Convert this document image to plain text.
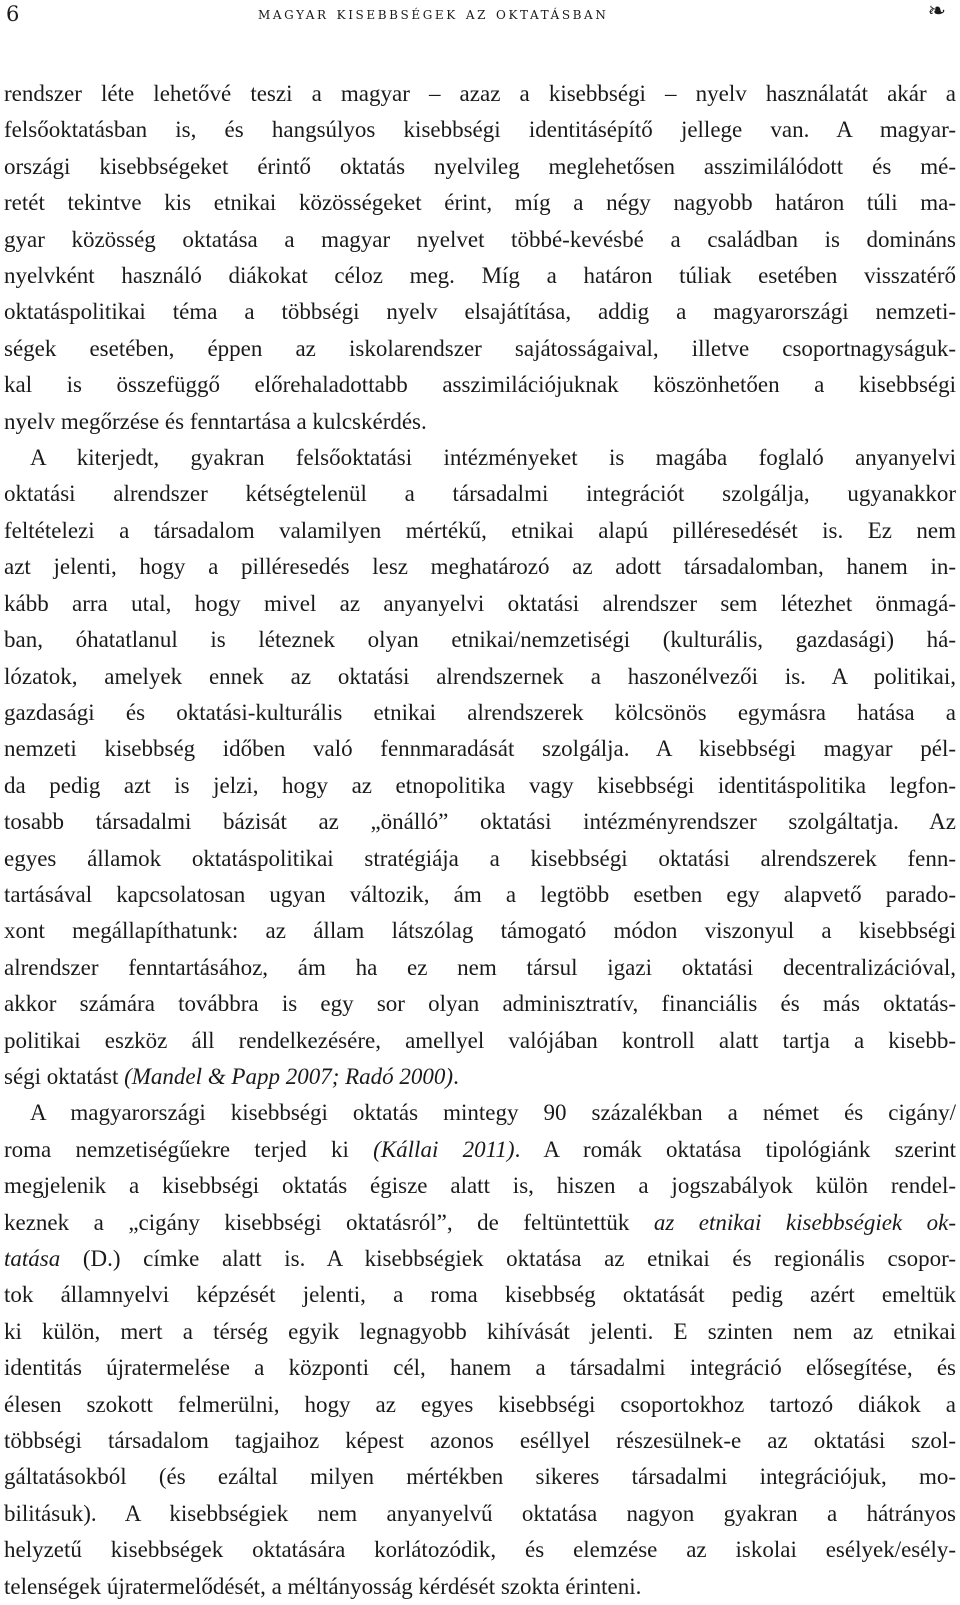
6	magyar kisebbségek az oktatásban	❧
rendszer léte lehetővé teszi a magyar – azaz a kisebbségi – nyelv használatát akár a
felsőoktatásban is, és hangsúlyos kisebbségi identitásépítő jellege van. A magyar-
országi kisebbségeket érintő oktatás nyelvileg meglehetősen asszimilálódott és mé-
retét tekintve kis etnikai közösségeket érint, míg a négy nagyobb határon túli ma-
gyar közösség oktatása a magyar nyelvet többé-kevésbé a családban is domináns
nyelvként használó diákokat céloz meg. Míg a határon túliak esetében visszatérő
oktatáspolitikai téma a többségi nyelv elsajátítása, addig a magyarországi nemzeti-
ségek esetében, éppen az iskolarendszer sajátosságaival, illetve csoportnagyságuk-
kal is összefüggő előrehaladottabb asszimilációjuknak köszönhetően a kisebbségi
nyelv megőrzése és fenntartása a kulcskérdés.
A kiterjedt, gyakran felsőoktatási intézményeket is magába foglaló anyanyelvi
oktatási alrendszer kétségtelenül a társadalmi integrációt szolgálja, ugyanakkor
feltételezi a társadalom valamilyen mértékű, etnikai alapú pilléresedését is. Ez nem
azt jelenti, hogy a pilléresedés lesz meghatározó az adott társadalomban, hanem in-
kább arra utal, hogy mivel az anyanyelvi oktatási alrendszer sem létezhet önmagá-
ban, óhatatlanul is léteznek olyan etnikai/nemzetiségi (kulturális, gazdasági) há-
lózatok, amelyek ennek az oktatási alrendszernek a haszonélvezői is. A politikai,
gazdasági és oktatási-kulturális etnikai alrendszerek kölcsönös egymásra hatása a
nemzeti kisebbség időben való fennmaradását szolgálja. A kisebbségi magyar pél-
da pedig azt is jelzi, hogy az etnopolitika vagy kisebbségi identitáspolitika legfon-
tosabb társadalmi bázisát az „önálló” oktatási intézményrendszer szolgáltatja. Az
egyes államok oktatáspolitikai stratégiája a kisebbségi oktatási alrendszerek fenn-
tartásával kapcsolatosan ugyan változik, ám a legtöbb esetben egy alapvető parado-
xont megállapíthatunk: az állam látszólag támogató módon viszonyul a kisebbségi
alrendszer fenntartásához, ám ha ez nem társul igazi oktatási decentralizációval,
akkor számára továbbra is egy sor olyan adminisztratív, financiális és más oktatás-
politikai eszköz áll rendelkezésére, amellyel valójában kontroll alatt tartja a kisebb-
ségi oktatást (Mandel & Papp 2007; Radó 2000).
A magyarországi kisebbségi oktatás mintegy 90 százalékban a német és cigány/
roma nemzetiségűekre terjed ki (Kállai 2011). A romák oktatása tipológiánk szerint
megjelenik a kisebbségi oktatás égisze alatt is, hiszen a jogszabályok külön rendel-
keznek a „cigány kisebbségi oktatásról”, de feltüntettük az etnikai kisebbségiek ok-
tatása (D.) címke alatt is. A kisebbségiek oktatása az etnikai és regionális csopor-
tok államnyelvi képzését jelenti, a roma kisebbség oktatását pedig azért emeltük
ki külön, mert a térség egyik legnagyobb kihívását jelenti. E szinten nem az etnikai
identitás újratermelése a központi cél, hanem a társadalmi integráció elősegítése, és
élesen szokott felmerülni, hogy az egyes kisebbségi csoportokhoz tartozó diákok a
többségi társadalom tagjaihoz képest azonos eséllyel részesülnek-e az oktatási szol-
gáltatásokból (és ezáltal milyen mértékben sikeres társadalmi integrációjuk, mo-
bilitásuk). A kisebbségiek nem anyanyelvű oktatása nagyon gyakran a hátrányos
helyzetű kisebbségek oktatására korlátozódik, és elemzése az iskolai esélyek/esély-
telenségek újratermelődését, a méltányosság kérdését szokta érinteni.
